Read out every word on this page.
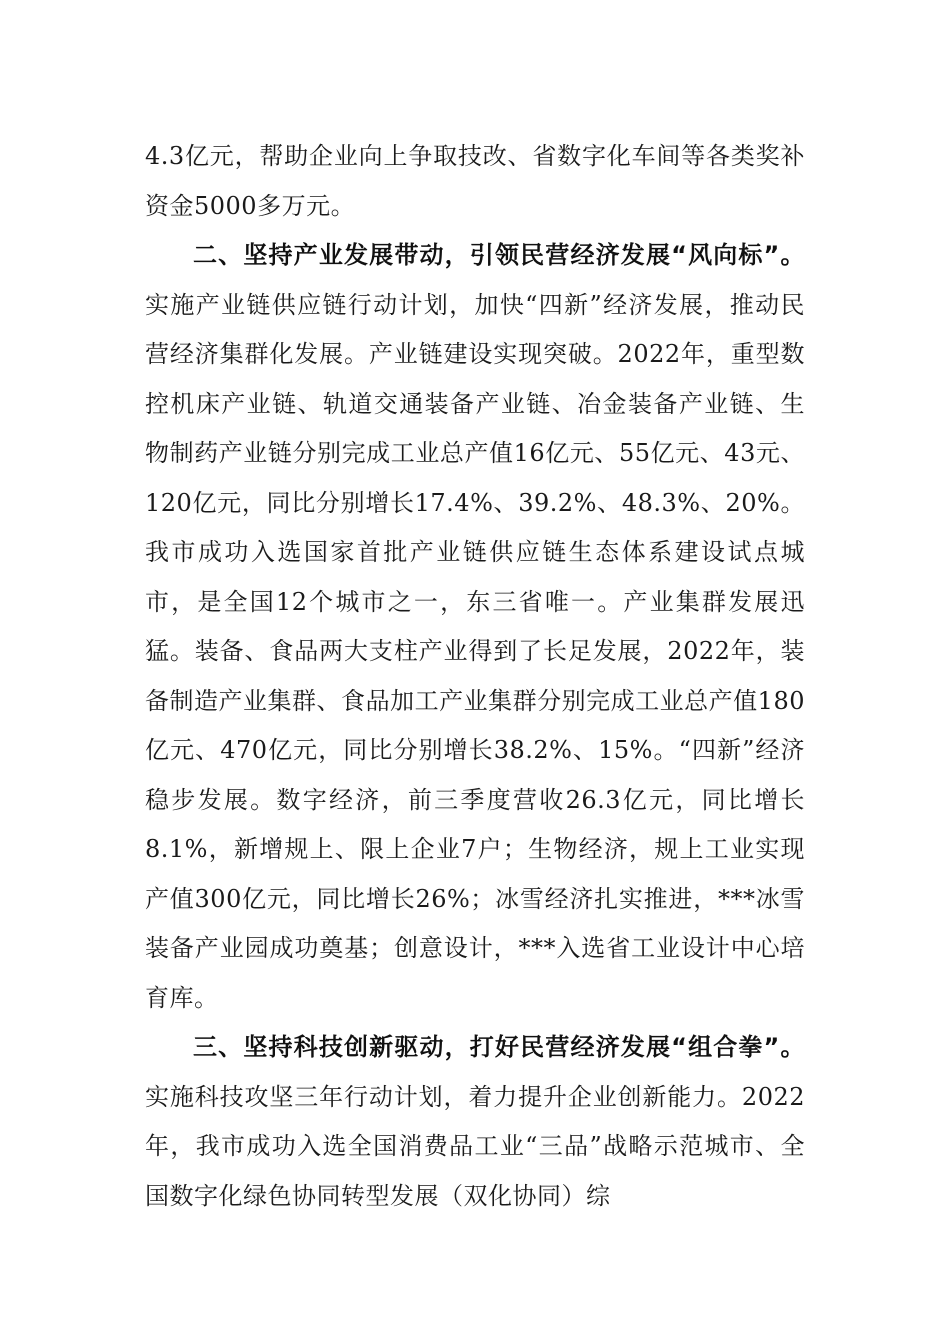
4.3亿元，帮助企业向上争取技改、省数字化车间等各类奖补资金5000多万元。

二、坚持产业发展带动，引领民营经济发展“风向标”。实施产业链供应链行动计划，加快“四新”经济发展，推动民营经济集群化发展。产业链建设实现突破。2022年，重型数控机床产业链、轨道交通装备产业链、冶金装备产业链、生物制药产业链分别完成工业总产值16亿元、55亿元、43元、120亿元，同比分别增长17.4%、39.2%、48.3%、20%。我市成功入选国家首批产业链供应链生态体系建设试点城市，是全国12个城市之一，东三省唯一。产业集群发展迅猛。装备、食品两大支柱产业得到了长足发展，2022年，装备制造产业集群、食品加工产业集群分别完成工业总产值180亿元、470亿元，同比分别增长38.2%、15%。“四新”经济稳步发展。数字经济，前三季度营收26.3亿元，同比增长8.1%，新增规上、限上企业7户；生物经济，规上工业实现产值300亿元，同比增长26%；冰雪经济扎实推进，***冰雪装备产业园成功奠基；创意设计，***入选省工业设计中心培育库。

三、坚持科技创新驱动，打好民营经济发展“组合拳”。实施科技攻坚三年行动计划，着力提升企业创新能力。2022年，我市成功入选全国消费品工业“三品”战略示范城市、全国数字化绿色协同转型发展（双化协同）综
